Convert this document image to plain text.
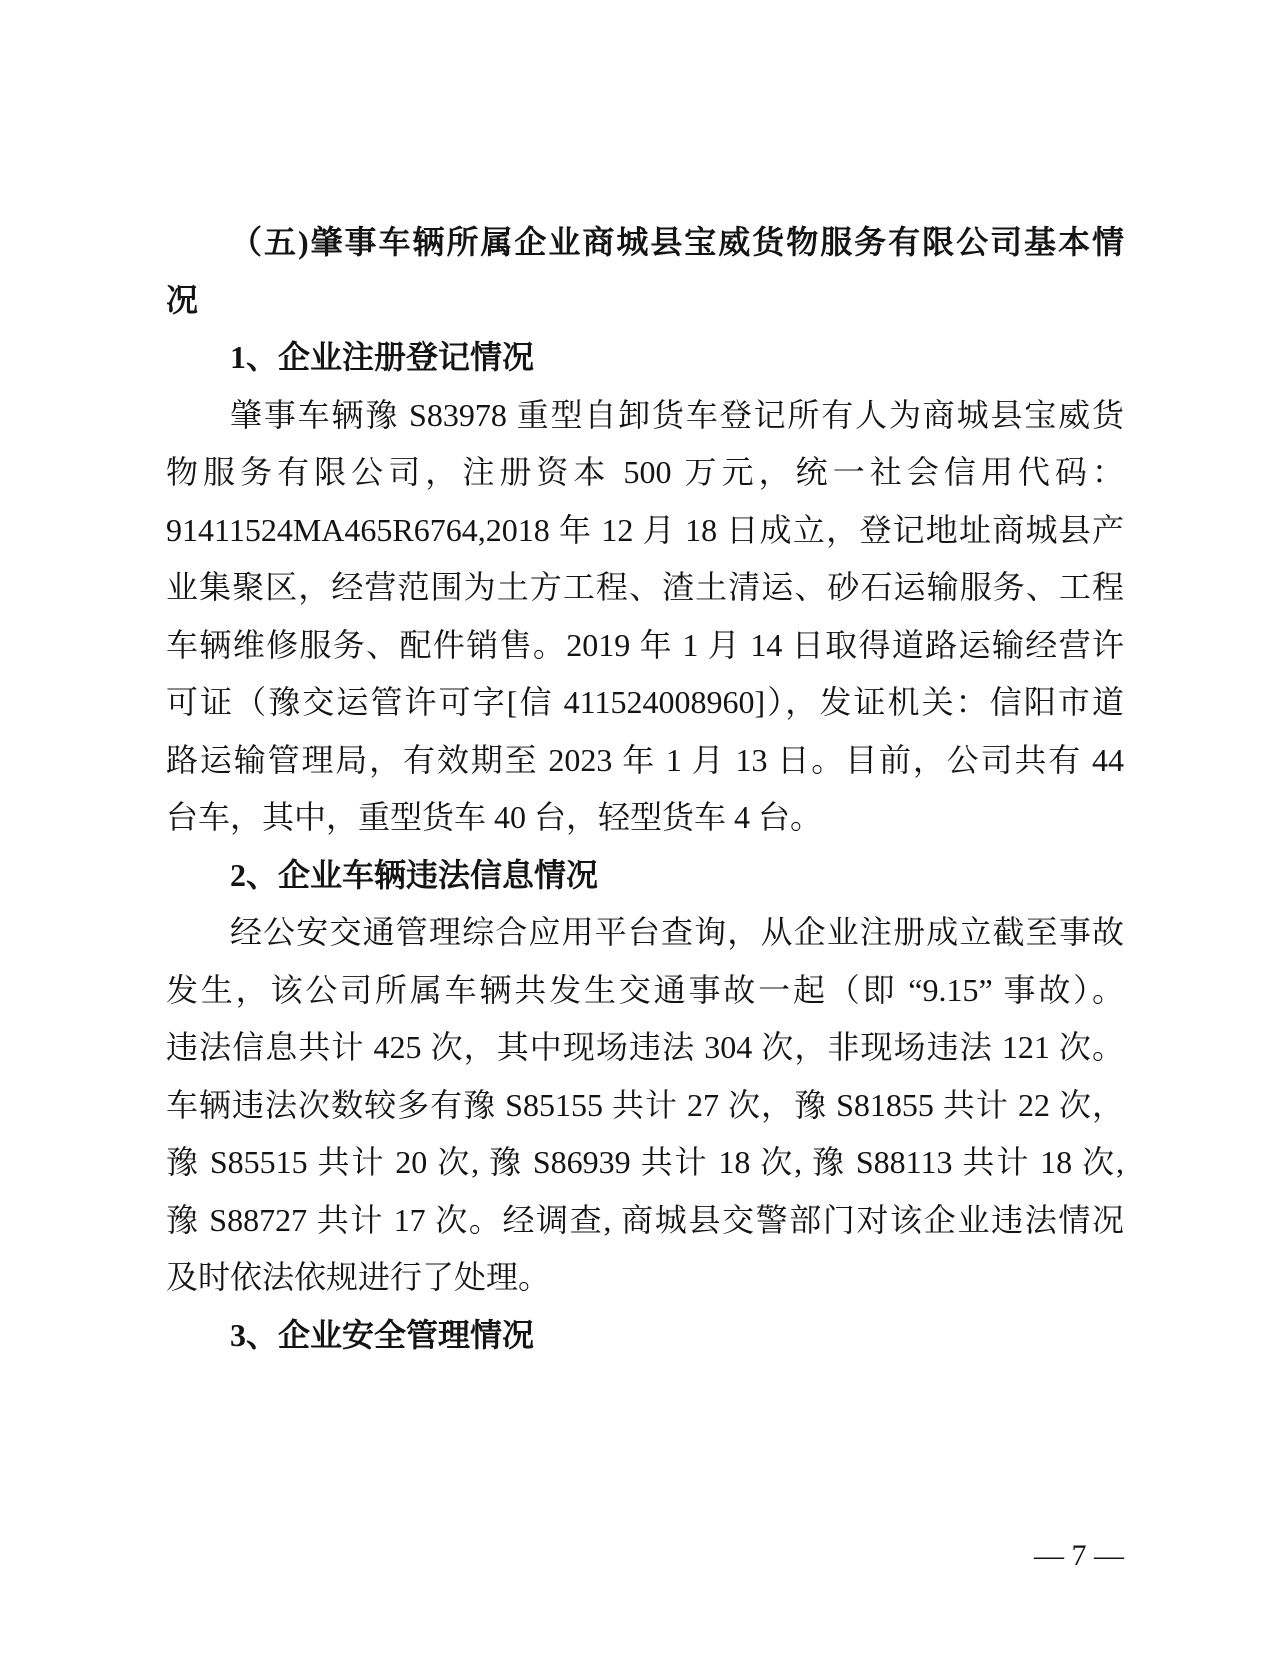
（五)肇事车辆所属企业商城县宝威货物服务有限公司基本情
况
1、企业注册登记情况
肇事车辆豫 S83978 重型自卸货车登记所有人为商城县宝威货
物服务有限公司，注册资本 500 万元，统一社会信用代码：
91411524MA465R6764,2018 年 12 月 18 日成立，登记地址商城县产
业集聚区，经营范围为土方工程、渣土清运、砂石运输服务、工程
车辆维修服务、配件销售。2019 年 1 月 14 日取得道路运输经营许
可证（豫交运管许可字[信 411524008960]），发证机关：信阳市道
路运输管理局，有效期至 2023 年 1 月 13 日。目前，公司共有 44
台车，其中，重型货车 40 台，轻型货车 4 台。
2、企业车辆违法信息情况
经公安交通管理综合应用平台查询，从企业注册成立截至事故
发生，该公司所属车辆共发生交通事故一起（即 “9.15” 事故）。
违法信息共计 425 次，其中现场违法 304 次，非现场违法 121 次。
车辆违法次数较多有豫 S85155 共计 27 次，豫 S81855 共计 22 次，
豫 S85515 共计 20 次, 豫 S86939 共计 18 次, 豫 S88113 共计 18 次,
豫 S88727 共计 17 次。经调查, 商城县交警部门对该企业违法情况
及时依法依规进行了处理。
3、企业安全管理情况
— 7 —
